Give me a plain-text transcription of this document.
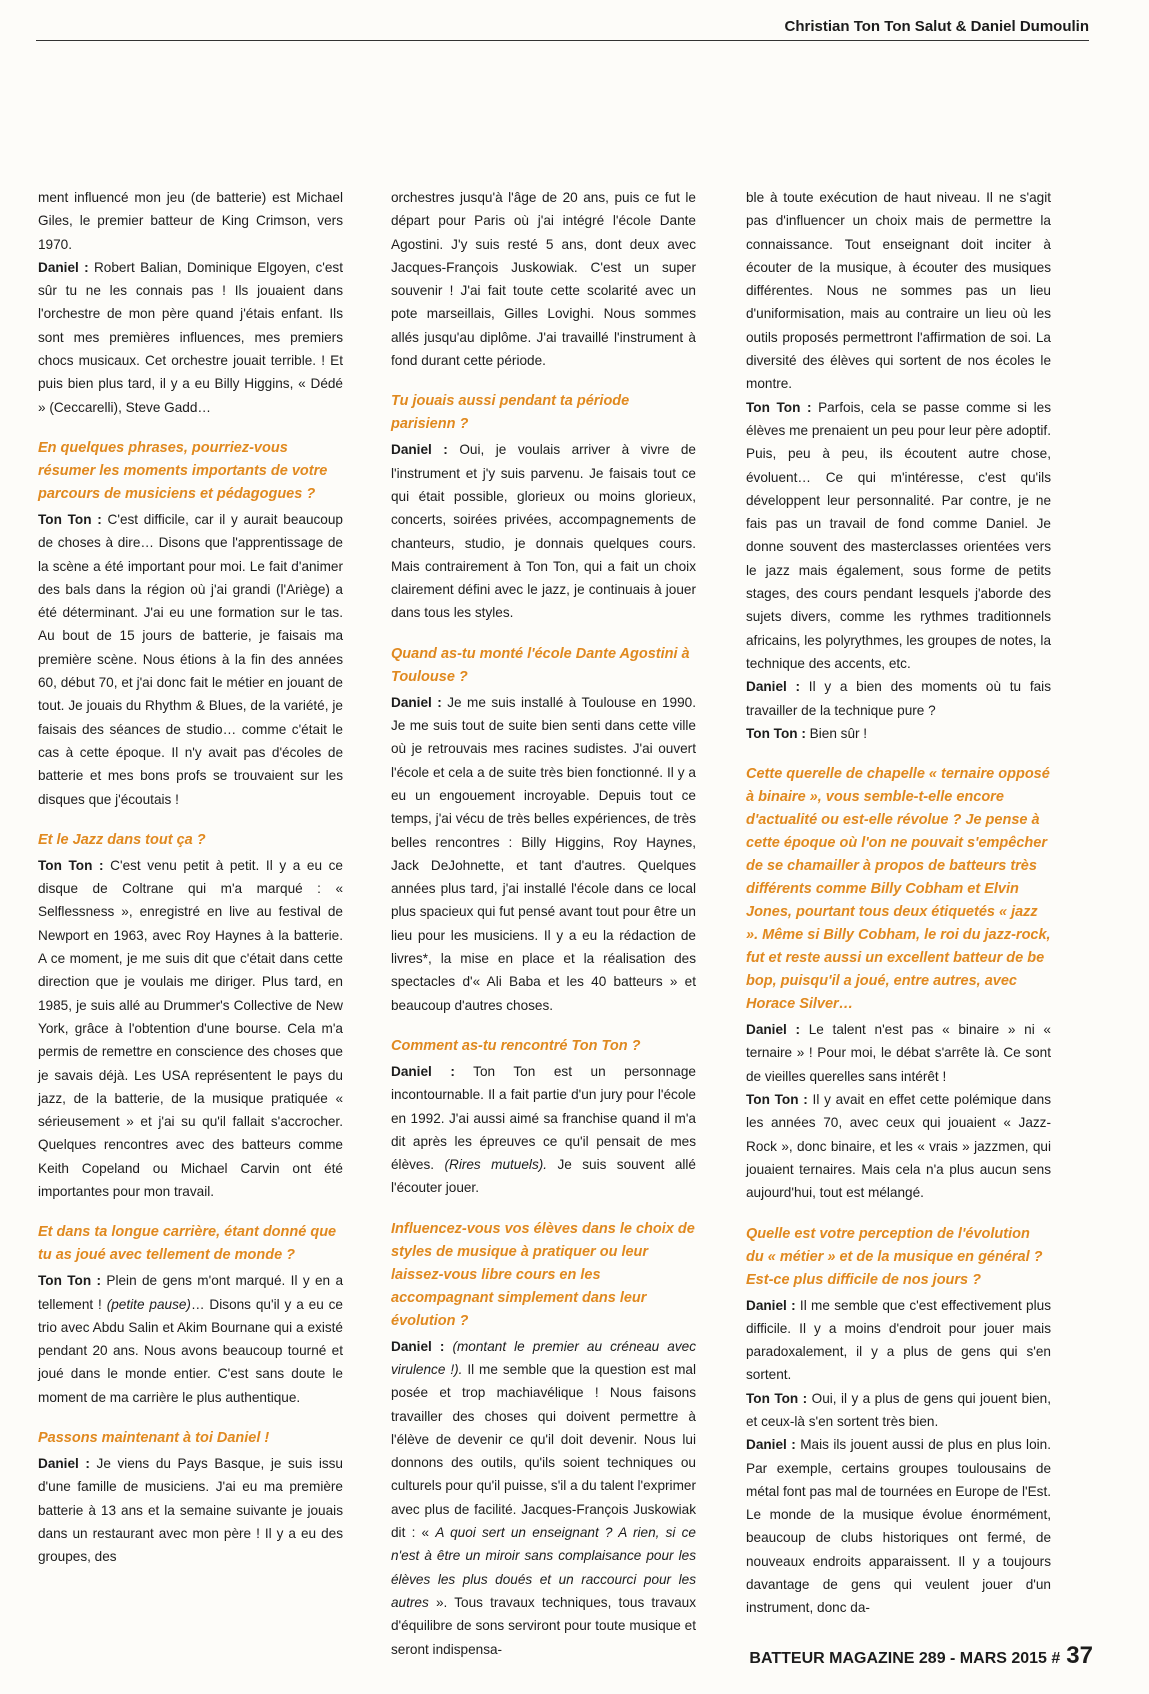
Christian Ton Ton Salut & Daniel Dumoulin

ment influencé mon jeu (de batterie) est Michael Giles, le premier batteur de King Crimson, vers 1970.

Daniel : Robert Balian, Dominique Elgoyen, c'est sûr tu ne les connais pas ! Ils jouaient dans l'orchestre de mon père quand j'étais enfant. Ils sont mes premières influences, mes premiers chocs musicaux. Cet orchestre jouait terrible. ! Et puis bien plus tard, il y a eu Billy Higgins, « Dédé » (Ceccarelli), Steve Gadd…

En quelques phrases, pourriez-vous résumer les moments importants de votre parcours de musiciens et pédagogues ?

Ton Ton : C'est difficile, car il y aurait beaucoup de choses à dire… Disons que l'apprentissage de la scène a été important pour moi. Le fait d'animer des bals dans la région où j'ai grandi (l'Ariège) a été déterminant. J'ai eu une formation sur le tas. Au bout de 15 jours de batterie, je faisais ma première scène. Nous étions à la fin des années 60, début 70, et j'ai donc fait le métier en jouant de tout. Je jouais du Rhythm & Blues, de la variété, je faisais des séances de studio… comme c'était le cas à cette époque. Il n'y avait pas d'écoles de batterie et mes bons profs se trouvaient sur les disques que j'écoutais !

Et le Jazz dans tout ça ?

Ton Ton : C'est venu petit à petit. Il y a eu ce disque de Coltrane qui m'a marqué : « Selflessness », enregistré en live au festival de Newport en 1963, avec Roy Haynes à la batterie. A ce moment, je me suis dit que c'était dans cette direction que je voulais me diriger. Plus tard, en 1985, je suis allé au Drummer's Collective de New York, grâce à l'obtention d'une bourse. Cela m'a permis de remettre en conscience des choses que je savais déjà. Les USA représentent le pays du jazz, de la batterie, de la musique pratiquée « sérieusement » et j'ai su qu'il fallait s'accrocher. Quelques rencontres avec des batteurs comme Keith Copeland ou Michael Carvin ont été importantes pour mon travail.

Et dans ta longue carrière, étant donné que tu as joué avec tellement de monde ?

Ton Ton : Plein de gens m'ont marqué. Il y en a tellement ! (petite pause)… Disons qu'il y a eu ce trio avec Abdu Salin et Akim Bournane qui a existé pendant 20 ans. Nous avons beaucoup tourné et joué dans le monde entier. C'est sans doute le moment de ma carrière le plus authentique.

Passons maintenant à toi Daniel !

Daniel : Je viens du Pays Basque, je suis issu d'une famille de musiciens. J'ai eu ma première batterie à 13 ans et la semaine suivante je jouais dans un restaurant avec mon père ! Il y a eu des groupes, des

orchestres jusqu'à l'âge de 20 ans, puis ce fut le départ pour Paris où j'ai intégré l'école Dante Agostini. J'y suis resté 5 ans, dont deux avec Jacques-François Juskowiak. C'est un super souvenir ! J'ai fait toute cette scolarité avec un pote marseillais, Gilles Lovighi. Nous sommes allés jusqu'au diplôme. J'ai travaillé l'instrument à fond durant cette période.

Tu jouais aussi pendant ta période parisienn ?

Daniel : Oui, je voulais arriver à vivre de l'instrument et j'y suis parvenu. Je faisais tout ce qui était possible, glorieux ou moins glorieux, concerts, soirées privées, accompagnements de chanteurs, studio, je donnais quelques cours. Mais contrairement à Ton Ton, qui a fait un choix clairement défini avec le jazz, je continuais à jouer dans tous les styles.

Quand as-tu monté l'école Dante Agostini à Toulouse ?

Daniel : Je me suis installé à Toulouse en 1990. Je me suis tout de suite bien senti dans cette ville où je retrouvais mes racines sudistes. J'ai ouvert l'école et cela a de suite très bien fonctionné. Il y a eu un engouement incroyable. Depuis tout ce temps, j'ai vécu de très belles expériences, de très belles rencontres : Billy Higgins, Roy Haynes, Jack DeJohnette, et tant d'autres. Quelques années plus tard, j'ai installé l'école dans ce local plus spacieux qui fut pensé avant tout pour être un lieu pour les musiciens. Il y a eu la rédaction de livres*, la mise en place et la réalisation des spectacles d'« Ali Baba et les 40 batteurs » et beaucoup d'autres choses.

Comment as-tu rencontré Ton Ton ?

Daniel : Ton Ton est un personnage incontournable. Il a fait partie d'un jury pour l'école en 1992. J'ai aussi aimé sa franchise quand il m'a dit après les épreuves ce qu'il pensait de mes élèves. (Rires mutuels). Je suis souvent allé l'écouter jouer.

Influencez-vous vos élèves dans le choix de styles de musique à pratiquer ou leur laissez-vous libre cours en les accompagnant simplement dans leur évolution ?

Daniel : (montant le premier au créneau avec virulence !). Il me semble que la question est mal posée et trop machiavélique ! Nous faisons travailler des choses qui doivent permettre à l'élève de devenir ce qu'il doit devenir. Nous lui donnons des outils, qu'ils soient techniques ou culturels pour qu'il puisse, s'il a du talent l'exprimer avec plus de facilité. Jacques-François Juskowiak dit : « A quoi sert un enseignant ? A rien, si ce n'est à être un miroir sans complaisance pour les élèves les plus doués et un raccourci pour les autres ». Tous travaux techniques, tous travaux d'équilibre de sons serviront pour toute musique et seront indispensa-

ble à toute exécution de haut niveau. Il ne s'agit pas d'influencer un choix mais de permettre la connaissance. Tout enseignant doit inciter à écouter de la musique, à écouter des musiques différentes. Nous ne sommes pas un lieu d'uniformisation, mais au contraire un lieu où les outils proposés permettront l'affirmation de soi. La diversité des élèves qui sortent de nos écoles le montre.

Ton Ton : Parfois, cela se passe comme si les élèves me prenaient un peu pour leur père adoptif. Puis, peu à peu, ils écoutent autre chose, évoluent… Ce qui m'intéresse, c'est qu'ils développent leur personnalité. Par contre, je ne fais pas un travail de fond comme Daniel. Je donne souvent des masterclasses orientées vers le jazz mais également, sous forme de petits stages, des cours pendant lesquels j'aborde des sujets divers, comme les rythmes traditionnels africains, les polyrythmes, les groupes de notes, la technique des accents, etc.

Daniel : Il y a bien des moments où tu fais travailler de la technique pure ?

Ton Ton : Bien sûr !

Cette querelle de chapelle « ternaire opposé à binaire », vous semble-t-elle encore d'actualité ou est-elle révolue ? Je pense à cette époque où l'on ne pouvait s'empêcher de se chamailler à propos de batteurs très différents comme Billy Cobham et Elvin Jones, pourtant tous deux étiquetés « jazz ». Même si Billy Cobham, le roi du jazz-rock, fut et reste aussi un excellent batteur de be bop, puisqu'il a joué, entre autres, avec Horace Silver…

Daniel : Le talent n'est pas « binaire » ni « ternaire » ! Pour moi, le débat s'arrête là. Ce sont de vieilles querelles sans intérêt !

Ton Ton : Il y avait en effet cette polémique dans les années 70, avec ceux qui jouaient « Jazz-Rock », donc binaire, et les « vrais » jazzmen, qui jouaient ternaires. Mais cela n'a plus aucun sens aujourd'hui, tout est mélangé.

Quelle est votre perception de l'évolution du « métier » et de la musique en général ? Est-ce plus difficile de nos jours ?

Daniel : Il me semble que c'est effectivement plus difficile. Il y a moins d'endroit pour jouer mais paradoxalement, il y a plus de gens qui s'en sortent.

Ton Ton : Oui, il y a plus de gens qui jouent bien, et ceux-là s'en sortent très bien.

Daniel : Mais ils jouent aussi de plus en plus loin. Par exemple, certains groupes toulousains de métal font pas mal de tournées en Europe de l'Est. Le monde de la musique évolue énormément, beaucoup de clubs historiques ont fermé, de nouveaux endroits apparaissent. Il y a toujours davantage de gens qui veulent jouer d'un instrument, donc da-

BATTEUR MAGAZINE 289 - MARS 2015 # 37
